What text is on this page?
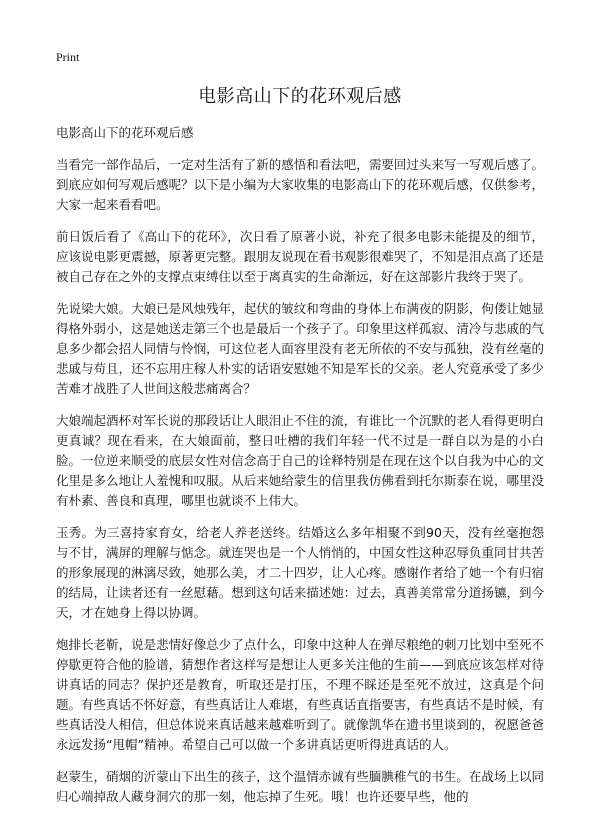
Print
电影高山下的花环观后感
电影高山下的花环观后感

当看完一部作品后，一定对生活有了新的感悟和看法吧，需要回过头来写一写观后感了。到底应如何写观后感呢？以下是小编为大家收集的电影高山下的花环观后感，仅供参考，大家一起来看看吧。

前日饭后看了《高山下的花环》，次日看了原著小说，补充了很多电影未能提及的细节，应该说电影更震撼，原著更完整。跟朋友说现在看书观影很难哭了，不知是泪点高了还是被自己存在之外的支撑点束缚住以至于离真实的生命渐远，好在这部影片我终于哭了。

先说梁大娘。大娘已是风烛残年，起伏的皱纹和弯曲的身体上布满夜的阴影，佝偻让她显得格外弱小，这是她送走第三个也是最后一个孩子了。印象里这样孤寂、清冷与悲戚的气息多少都会招人同情与怜悯，可这位老人面容里没有老无所依的不安与孤独，没有丝毫的悲戚与苟且，还不忘用庄稼人朴实的话语安慰她不知是军长的父亲。老人究竟承受了多少苦难才战胜了人世间这般悲痛离合？

大娘端起酒杯对军长说的那段话让人眼泪止不住的流，有谁比一个沉默的老人看得更明白更真诚？现在看来，在大娘面前，整日吐槽的我们年轻一代不过是一群自以为是的小白脸。一位逆来顺受的底层女性对信念高于自己的诠释特别是在现在这个以自我为中心的文化里是多么地让人羞愧和叹服。从后来她给蒙生的信里我仿佛看到托尔斯泰在说，哪里没有朴素、善良和真理，哪里也就谈不上伟大。

玉秀。为三喜持家育女，给老人养老送终。结婚这么多年相聚不到90天，没有丝毫抱怨与不甘，满屏的理解与惦念。就连哭也是一个人悄悄的，中国女性这种忍辱负重同甘共苦的形象展现的淋漓尽致，她那么美，才二十四岁，让人心疼。感谢作者给了她一个有归宿的结局，让读者还有一丝慰藉。想到这句话来描述她：过去，真善美常常分道扬镳，到今天，才在她身上得以协调。

炮排长老靳，说是悲情好像总少了点什么，印象中这种人在弹尽粮绝的刺刀比划中至死不停歇更符合他的脸谱，猜想作者这样写是想让人更多关注他的生前——到底应该怎样对待讲真话的同志？保护还是教育，听取还是打压，不理不睬还是至死不放过，这真是个问题。有些真话不怀好意，有些真话让人难堪，有些真话直指要害，有些真话不是时候，有些真话没人相信，但总体说来真话越来越难听到了。就像凯华在遗书里谈到的，祝愿爸爸永远发扬“甩帽”精神。希望自己可以做一个多讲真话更听得进真话的人。

赵蒙生，硝烟的沂蒙山下出生的孩子，这个温情赤诚有些腼腆稚气的书生。在战场上以同归心端掉敌人藏身洞穴的那一刻，他忘掉了生死。哦！也许还要早些，他的
